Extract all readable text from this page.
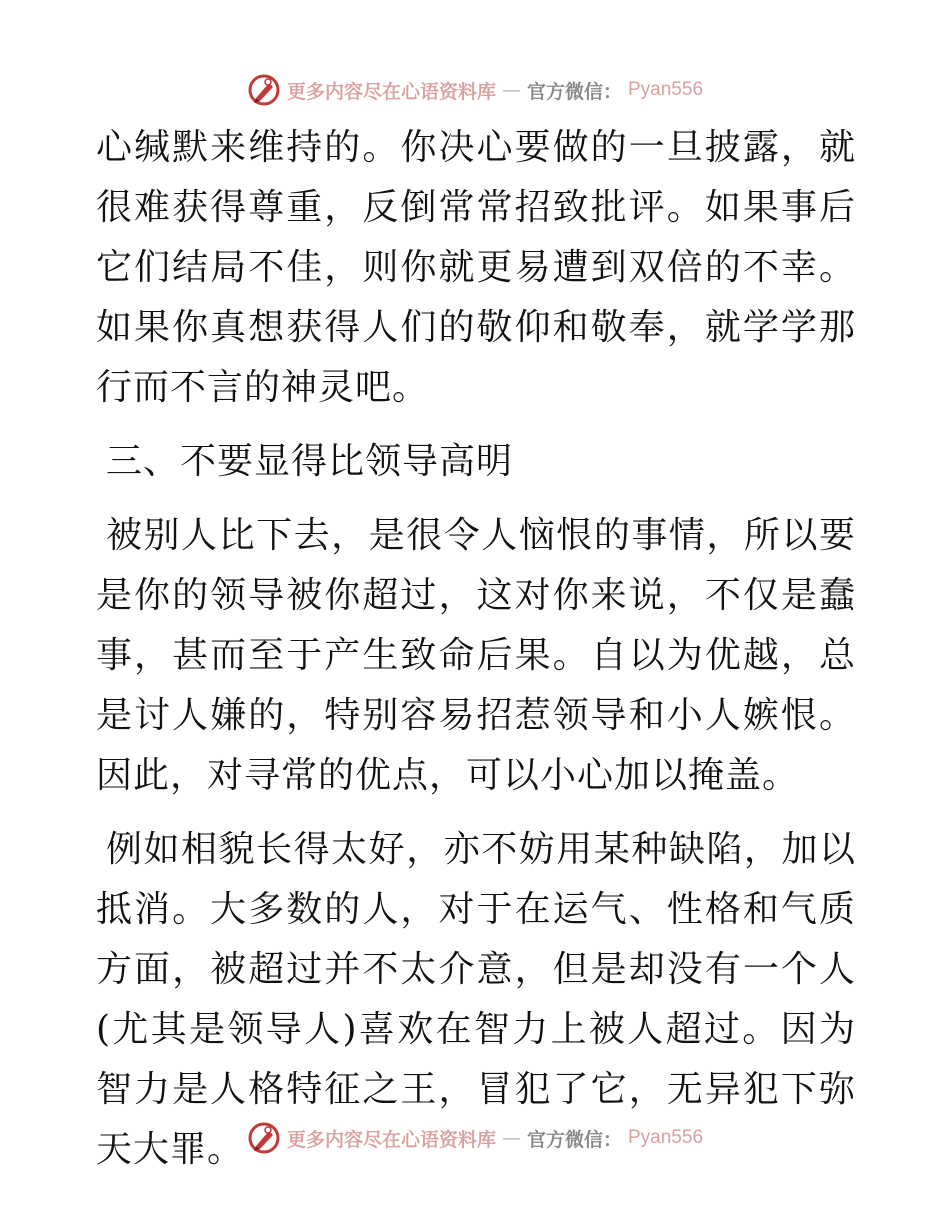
更多内容尽在心语资料库 — 官方微信： Pyan556

心缄默来维持的。你决心要做的一旦披露，就很难获得尊重，反倒常常招致批评。如果事后它们结局不佳，则你就更易遭到双倍的不幸。如果你真想获得人们的敬仰和敬奉，就学学那行而不言的神灵吧。

三、不要显得比领导高明

被别人比下去，是很令人恼恨的事情，所以要是你的领导被你超过，这对你来说，不仅是蠢事，甚而至于产生致命后果。自以为优越，总是讨人嫌的，特别容易招惹领导和小人嫉恨。因此，对寻常的优点，可以小心加以掩盖。

例如相貌长得太好，亦不妨用某种缺陷，加以抵消。大多数的人，对于在运气、性格和气质方面，被超过并不太介意，但是却没有一个人(尤其是领导人)喜欢在智力上被人超过。因为智力是人格特征之王，冒犯了它，无异犯下弥天大罪。	更多内容尽在心语资料库 — 官方微信： Pyan556
